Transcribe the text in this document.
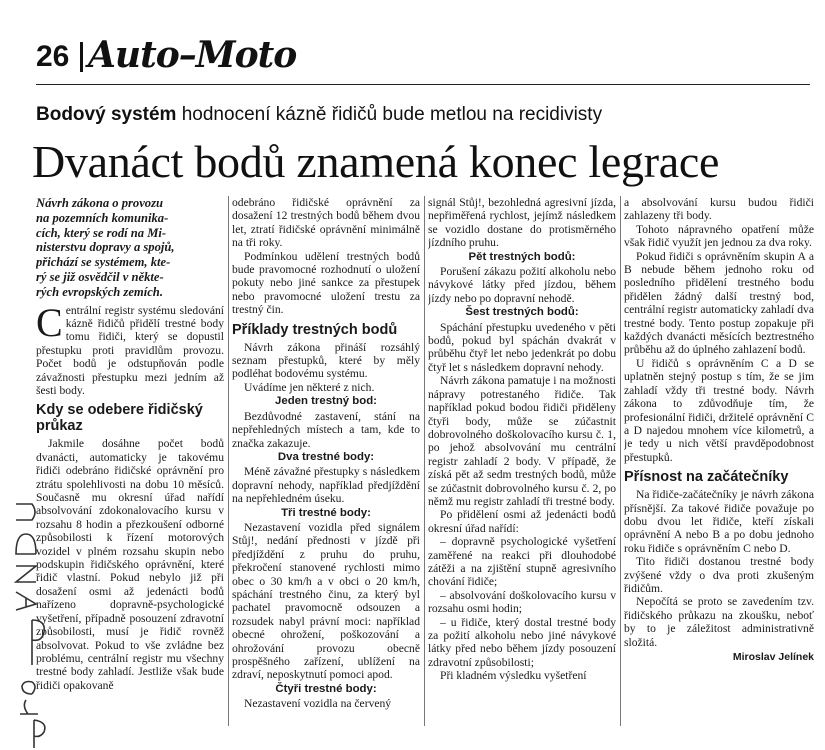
26 Auto–Moto
Bodový systém hodnocení kázně řidičů bude metlou na recidivisty
Dvanáct bodů znamená konec legrace
Návrh zákona o provozu
na pozemních komunika-
cích, který se rodí na Mi-
nisterstvu dopravy a spojů,
přichází se systémem, kte-
rý se již osvědčil v někte-
rých evropských zemích.
C entrální registr systému sledování kázně řidičů přidělí trestné body tomu řidiči, který se dopustil přestupku proti pravidlům provozu. Počet bodů je odstupňován podle závažnosti přestupku mezi jedním až šesti body.

Kdy se odebere řidičský průkaz

Jakmile dosáhne počet bodů dvanácti, automaticky je takovému řidiči odebráno řidičské oprávnění pro ztrátu spolehlivosti na dobu 10 měsíců. Současně mu okresní úřad nařídí absolvování zdokonalovacího kursu v rozsahu 8 hodin a přezkoušení odborné způsobilosti k řízení motorových vozidel v plném rozsahu skupin nebo podskupin řidičského oprávnění, které řidič vlastní. Pokud nebylo již při dosažení osmi až jedenácti bodů nařízeno dopravně-psychologické vyšetření, případně posouzení zdravotní způsobilosti, musí je řidič rovněž absolvovat. Pokud to vše zvládne bez problému, centrální registr mu všechny trestné body zahladí. Jestliže však bude řidiči opakovaně

odebráno řidičské oprávnění za dosažení 12 trestných bodů během dvou let, ztratí řidičské oprávnění minimálně na tři roky.

Podmínkou udělení trestných bodů bude pravomocné rozhodnutí o uložení pokuty nebo jiné sankce za přestupek nebo pravomocné uložení trestu za trestný čin.

Příklady trestných bodů

Návrh zákona přináší rozsáhlý seznam přestupků, které by měly podléhat bodovému systému.

Uvádíme jen některé z nich.

Jeden trestný bod:

Bezdůvodné zastavení, stání na nepřehledných místech a tam, kde to značka zakazuje.

Dva trestné body:

Méně závažné přestupky s následkem dopravní nehody, například předjíždění na nepřehledném úseku.

Tři trestné body:

Nezastavení vozidla před signálem Stůj!, nedání přednosti v jízdě při předjíždění z pruhu do pruhu, překročení stanovené rychlosti mimo obec o 30 km/h a v obci o 20 km/h, spáchání trestného činu, za který byl pachatel pravomocně odsouzen a rozsudek nabyl právní moci: například obecné ohrožení, poškozování a ohrožování provozu obecně prospěšného zařízení, ublížení na zdraví, neposkytnutí pomoci apod.

Čtyři trestné body:

Nezastavení vozidla na červený

signál Stůj!, bezohledná agresivní jízda, nepřiměřená rychlost, jejímž následkem se vozidlo dostane do protisměrného jízdního pruhu.

Pět trestných bodů:

Porušení zákazu požití alkoholu nebo návykové látky před jízdou, během jízdy nebo po dopravní nehodě.

Šest trestných bodů:

Spáchání přestupku uvedeného v pěti bodů, pokud byl spáchán dvakrát v průběhu čtyř let nebo jedenkrát po dobu čtyř let s následkem dopravní nehody.

Návrh zákona pamatuje i na možnosti nápravy potrestaného řidiče. Tak například pokud bodou řidiči přiděleny čtyři body, může se zúčastnit dobrovolného doškolovacího kursu č. 1, po jehož absolvování mu centrální registr zahladí 2 body. V případě, že získá pět až sedm trestných bodů, může se zúčastnit dobrovolného kursu č. 2, po němž mu registr zahladí tři trestné body.

Po přidělení osmi až jedenácti bodů okresní úřad nařídí:

– dopravně psychologické vyšetření zaměřené na reakci při dlouhodobé zátěži a na zjištění stupně agresivního chování řidiče;

– absolvování doškolovacího kursu v rozsahu osmi hodin;

– u řidiče, který dostal trestné body za požití alkoholu nebo jiné návykové látky před nebo během jízdy posouzení zdravotní způsobilosti;

Při kladném výsledku vyšetření

a absolvování kursu budou řidiči zahlazeny tři body.

Tohoto nápravného opatření může však řidič využít jen jednou za dva roky.

Pokud řidiči s oprávněním skupin A a B nebude během jednoho roku od posledního přidělení trestného bodu přidělen žádný další trestný bod, centrální registr automaticky zahladí dva trestné body. Tento postup zopakuje při každých dvanácti měsících beztrestného průběhu až do úplného zahlazení bodů.

U řidičů s oprávněním C a D se uplatněn stejný postup s tím, že se jim zahladí vždy tři trestné body. Návrh zákona to zdůvodňuje tím, že profesionální řidiči, držitelé oprávnění C a D najedou mnohem více kilometrů, a je tedy u nich větší pravděpodobnost přestupků.

Přísnost na začátečníky

Na řidiče-začátečníky je návrh zákona přísnější. Za takové řidiče považuje po dobu dvou let řidiče, kteří získali oprávnění A nebo B a po dobu jednoho roku řidiče s oprávněním C nebo D.

Tito řidiči dostanou trestné body zvýšené vždy o dva proti zkušeným řidičům.

Nepočítá se proto se zavedením tzv. řidičského průkazu na zkoušku, neboť by to je záležitost administrativně složitá.

Miroslav Jelínek
